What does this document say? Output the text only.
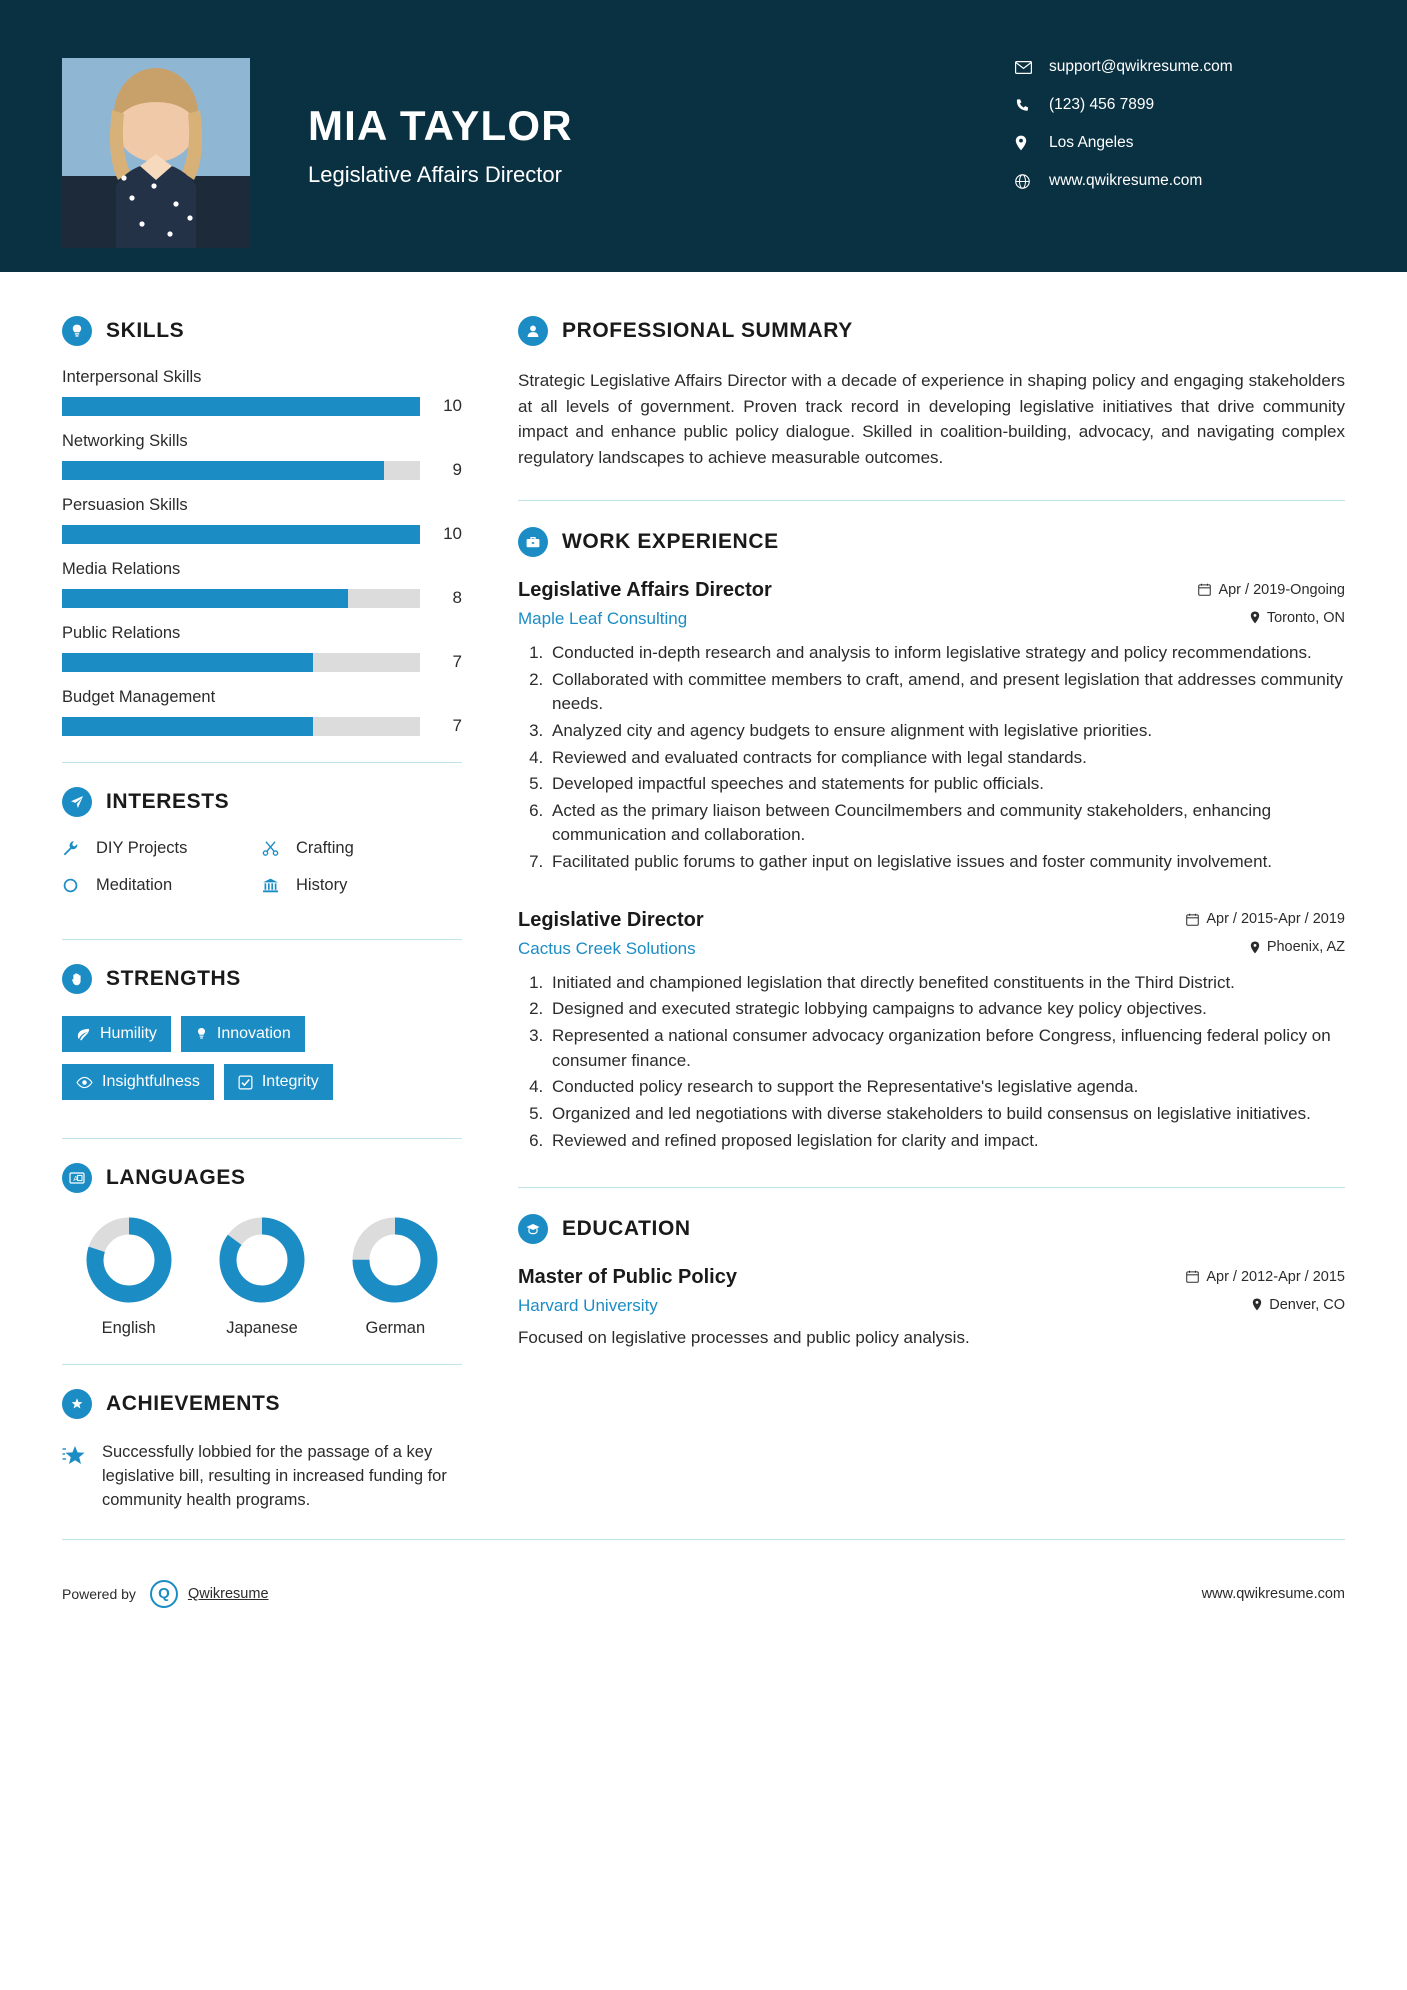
MIA TAYLOR
Legislative Affairs Director
support@qwikresume.com
(123) 456 7899
Los Angeles
www.qwikresume.com
SKILLS
Interpersonal Skills
10
Networking Skills
9
Persuasion Skills
10
Media Relations
8
Public Relations
7
Budget Management
7
INTERESTS
DIY Projects	Crafting
Meditation	History
STRENGTHS
Humility	Innovation
Insightfulness	Integrity
A	LANGUAGES
English	Japanese	German
ACHIEVEMENTS
Successfully lobbied for the passage of a key legislative bill, resulting in increased funding for community health programs.
PROFESSIONAL SUMMARY
Strategic Legislative Affairs Director with a decade of experience in shaping policy and engaging stakeholders at all levels of government. Proven track record in developing legislative initiatives that drive community impact and enhance public policy dialogue. Skilled in coalition-building, advocacy, and navigating complex regulatory landscapes to achieve measurable outcomes.
WORK EXPERIENCE
Legislative Affairs Director	Apr / 2019-Ongoing
Maple Leaf Consulting	Toronto, ON
1. Conducted in-depth research and analysis to inform legislative strategy and policy recommendations.
2. Collaborated with committee members to craft, amend, and present legislation that addresses community needs.
3. Analyzed city and agency budgets to ensure alignment with legislative priorities.
4. Reviewed and evaluated contracts for compliance with legal standards.
5. Developed impactful speeches and statements for public officials.
6. Acted as the primary liaison between Councilmembers and community stakeholders, enhancing communication and collaboration.
7. Facilitated public forums to gather input on legislative issues and foster community involvement.
Legislative Director	Apr / 2015-Apr / 2019
Cactus Creek Solutions	Phoenix, AZ
1. Initiated and championed legislation that directly benefited constituents in the Third District.
2. Designed and executed strategic lobbying campaigns to advance key policy objectives.
3. Represented a national consumer advocacy organization before Congress, influencing federal policy on consumer finance.
4. Conducted policy research to support the Representative's legislative agenda.
5. Organized and led negotiations with diverse stakeholders to build consensus on legislative initiatives.
6. Reviewed and refined proposed legislation for clarity and impact.
EDUCATION
Master of Public Policy	Apr / 2012-Apr / 2015
Harvard University	Denver, CO
Focused on legislative processes and public policy analysis.
Powered by	Q	Qwikresume	www.qwikresume.com
